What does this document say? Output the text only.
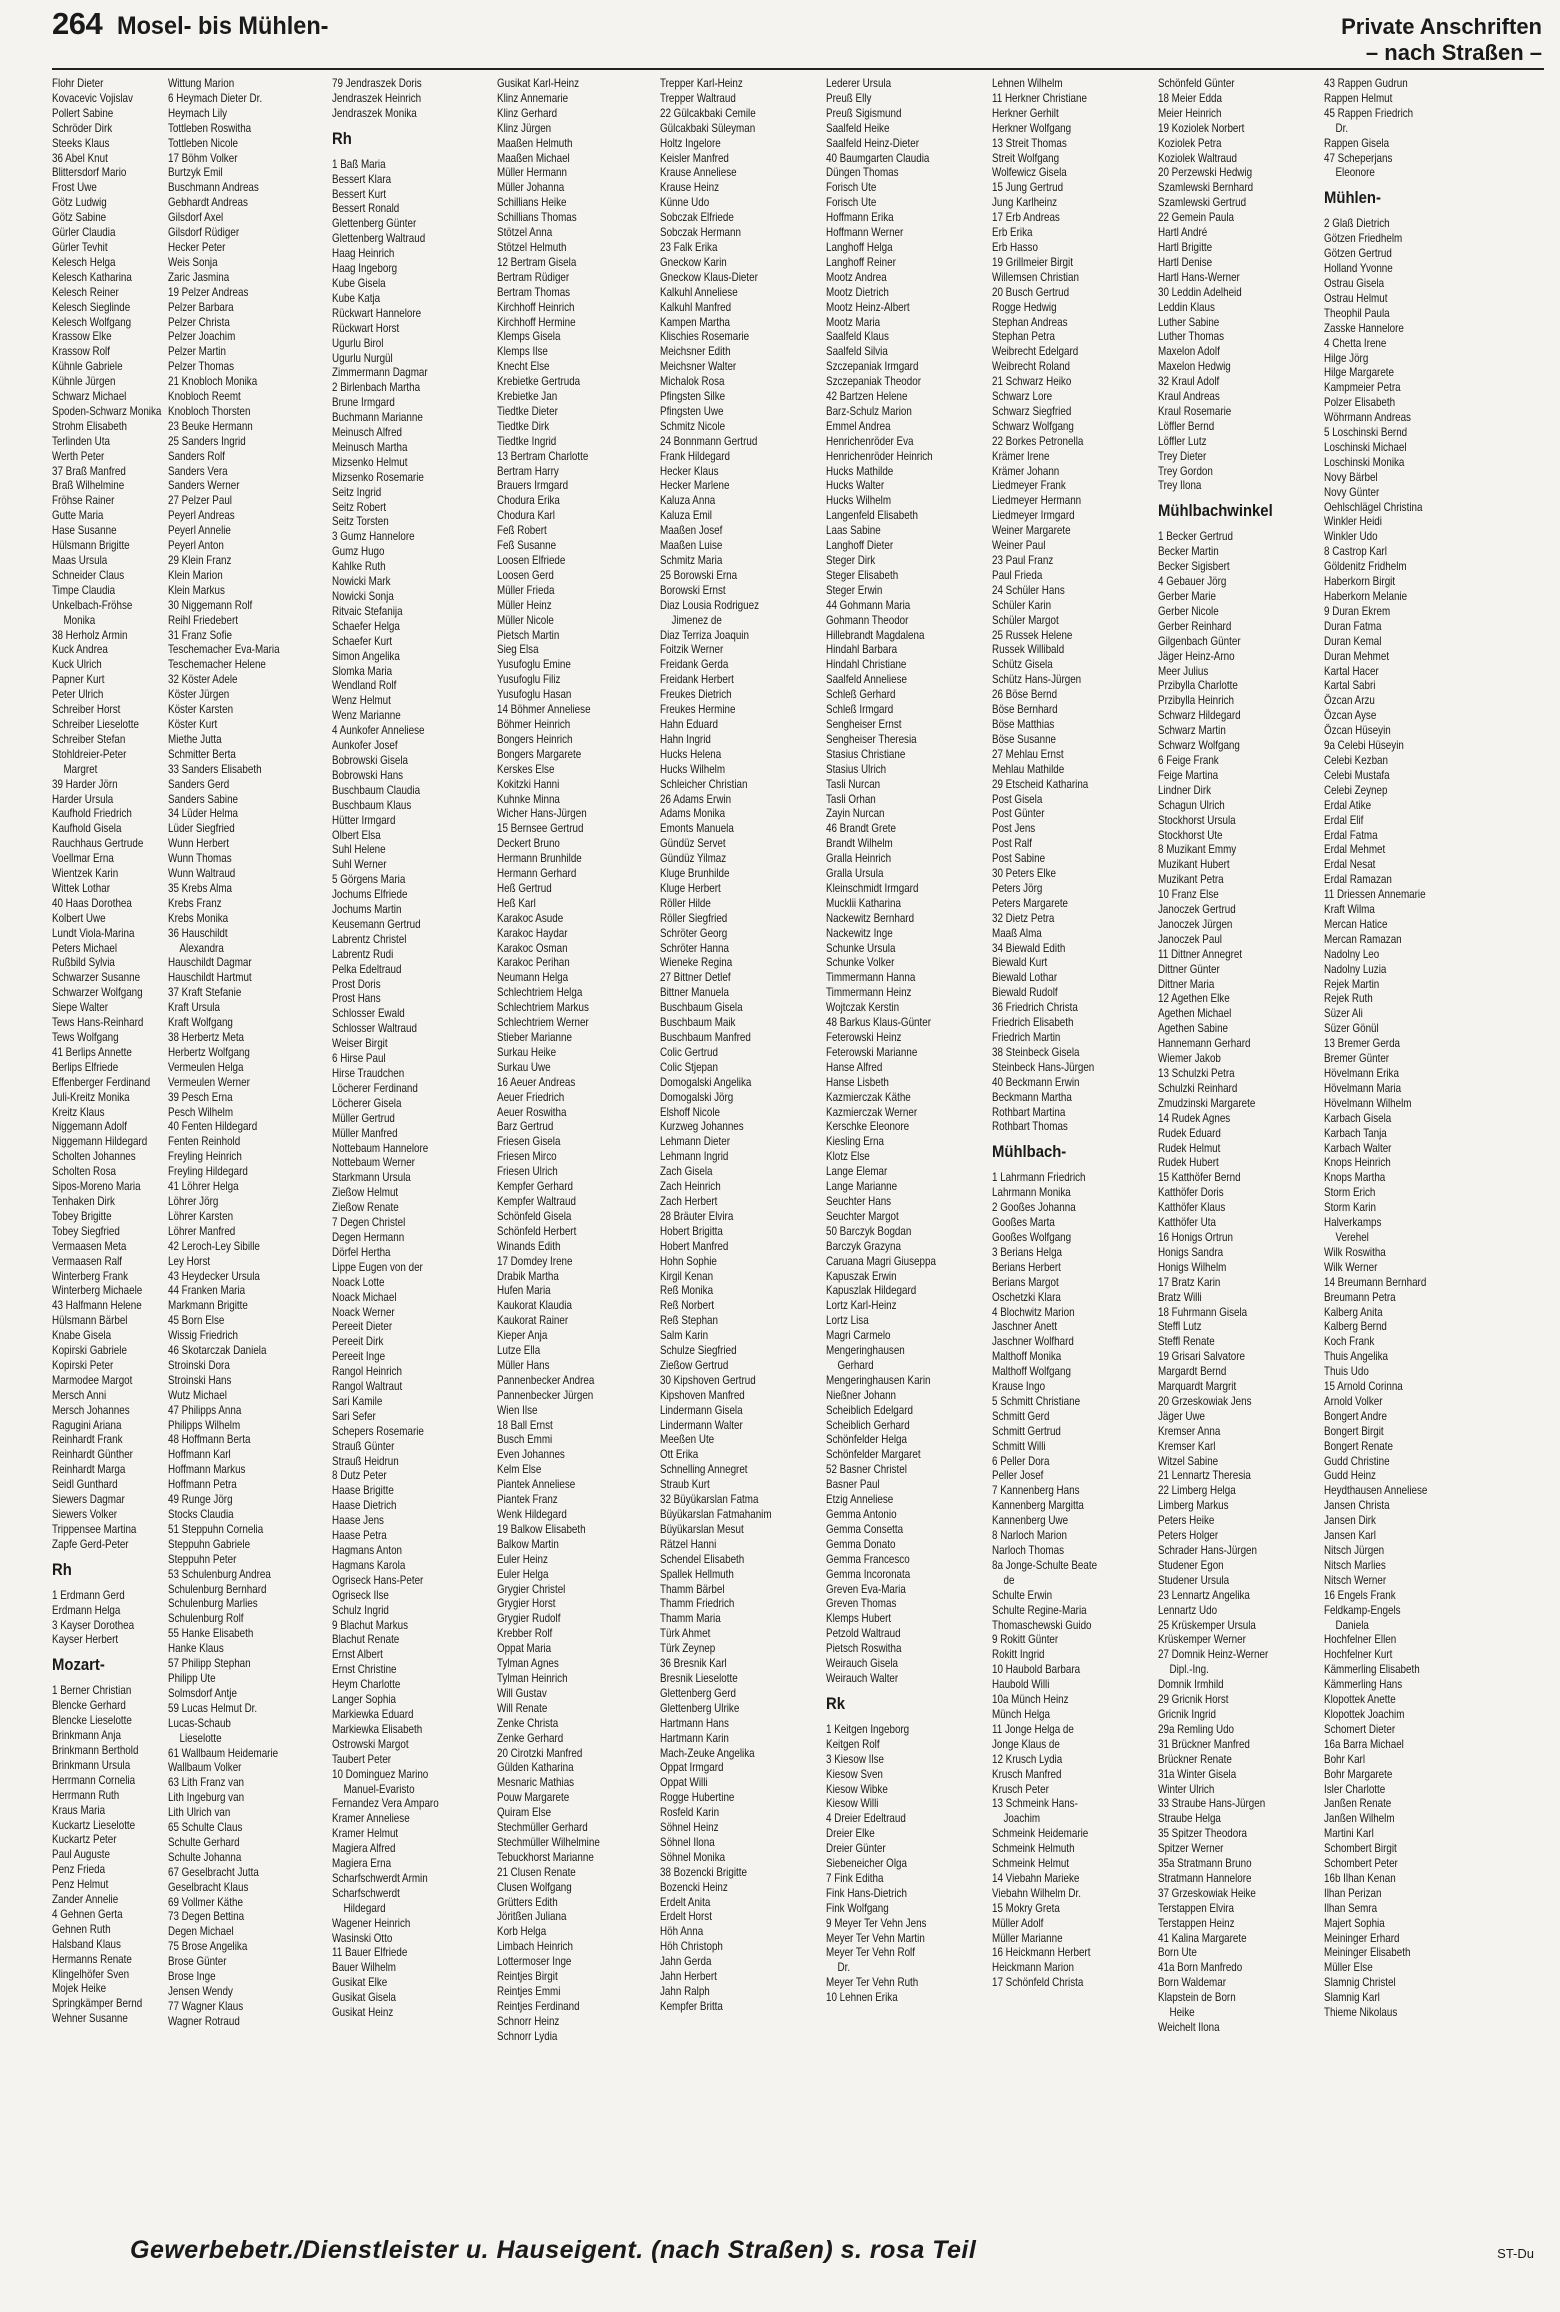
264 Mosel- bis Mühlen-	Private Anschriften
– nach Straßen –
Flohr Dieter
Kovacevic Vojislav
Pollert Sabine
Schröder Dirk
Steeks Klaus
36 Abel Knut
Blittersdorf Mario
Frost Uwe
Götz Ludwig
Götz Sabine
Gürler Claudia
Gürler Tevhit
Kelesch Helga
Kelesch Katharina
Kelesch Reiner
Kelesch Sieglinde
Kelesch Wolfgang
Krassow Elke
Krassow Rolf
Kühnle Gabriele
Kühnle Jürgen
Schwarz Michael
Spoden-Schwarz Monika
Strohm Elisabeth
Terlinden Uta
Werth Peter
37 Braß Manfred
Braß Wilhelmine
Fröhse Rainer
Gutte Maria
Hase Susanne
Hülsmann Brigitte
Maas Ursula
Schneider Claus
Timpe Claudia
Unkelbach-Fröhse
Monika
38 Herholz Armin
Kuck Andrea
Kuck Ulrich
Papner Kurt
Peter Ulrich
Schreiber Horst
Schreiber Lieselotte
Schreiber Stefan
Stohldreier-Peter
Margret
39 Harder Jörn
Harder Ursula
Kaufhold Friedrich
Kaufhold Gisela
Rauchhaus Gertrude
Voellmar Erna
Wientzek Karin
Wittek Lothar
40 Haas Dorothea
Kolbert Uwe
Lundt Viola-Marina
Peters Michael
Rußbild Sylvia
Schwarzer Susanne
Schwarzer Wolfgang
Siepe Walter
Tews Hans-Reinhard
Tews Wolfgang
41 Berlips Annette
Berlips Elfriede
Effenberger Ferdinand
Juli-Kreitz Monika
Kreitz Klaus
Niggemann Adolf
Niggemann Hildegard
Scholten Johannes
Scholten Rosa
Sipos-Moreno Maria
Tenhaken Dirk
Tobey Brigitte
Tobey Siegfried
Vermaasen Meta
Vermaasen Ralf
Winterberg Frank
Winterberg Michaele
43 Halfmann Helene
Hülsmann Bärbel
Knabe Gisela
Kopirski Gabriele
Kopirski Peter
Marmodee Margot
Mersch Anni
Mersch Johannes
Ragugini Ariana
Reinhardt Frank
Reinhardt Günther
Reinhardt Marga
Seidl Gunthard
Siewers Dagmar
Siewers Volker
Trippensee Martina
Zapfe Gerd-Peter
Rh
1 Erdmann Gerd
Erdmann Helga
3 Kayser Dorothea
Kayser Herbert
Mozart-
1 Berner Christian
Blencke Gerhard
Blencke Lieselotte
Brinkmann Anja
Brinkmann Berthold
Brinkmann Ursula
Herrmann Cornelia
Herrmann Ruth
Kraus Maria
Kuckartz Lieselotte
Kuckartz Peter
Paul Auguste
Penz Frieda
Penz Helmut
Zander Annelie
4 Gehnen Gerta
Gehnen Ruth
Halsband Klaus
Hermanns Renate
Klingelhöfer Sven
Mojek Heike
Springkämper Bernd
Wehner Susanne
Wittung Marion
6 Heymach Dieter Dr.
Heymach Lily
Tottleben Roswitha
Tottleben Nicole
17 Böhm Volker
Burtzyk Emil
Buschmann Andreas
Gebhardt Andreas
Gilsdorf Axel
Gilsdorf Rüdiger
Hecker Peter
Weis Sonja
Zaric Jasmina
19 Pelzer Andreas
Pelzer Barbara
Pelzer Christa
Pelzer Joachim
Pelzer Martin
Pelzer Thomas
21 Knobloch Monika
Knobloch Reemt
Knobloch Thorsten
23 Beuke Hermann
25 Sanders Ingrid
Sanders Rolf
Sanders Vera
Sanders Werner
27 Pelzer Paul
Peyerl Andreas
Peyerl Annelie
Peyerl Anton
29 Klein Franz
Klein Marion
Klein Markus
30 Niggemann Rolf
Reihl Friedebert
31 Franz Sofie
Teschemacher Eva-Maria
Teschemacher Helene
32 Köster Adele
Köster Jürgen
Köster Karsten
Köster Kurt
Miethe Jutta
Schmitter Berta
33 Sanders Elisabeth
Sanders Gerd
Sanders Sabine
34 Lüder Helma
Lüder Siegfried
Wunn Herbert
Wunn Thomas
Wunn Waltraud
35 Krebs Alma
Krebs Franz
Krebs Monika
36 Hauschildt
Alexandra
Hauschildt Dagmar
Hauschildt Hartmut
37 Kraft Stefanie
Kraft Ursula
Kraft Wolfgang
38 Herbertz Meta
Herbertz Wolfgang
Vermeulen Helga
Vermeulen Werner
39 Pesch Erna
Pesch Wilhelm
40 Fenten Hildegard
Fenten Reinhold
Freyling Heinrich
Freyling Hildegard
41 Löhrer Helga
Löhrer Jörg
Löhrer Karsten
Löhrer Manfred
42 Leroch-Ley Sibille
Ley Horst
43 Heydecker Ursula
44 Franken Maria
Markmann Brigitte
45 Born Else
Wissig Friedrich
46 Skotarczak Daniela
Stroinski Dora
Stroinski Hans
Wutz Michael
47 Philipps Anna
Philipps Wilhelm
48 Hoffmann Berta
Hoffmann Karl
Hoffmann Markus
Hoffmann Petra
49 Runge Jörg
Stocks Claudia
51 Steppuhn Cornelia
Steppuhn Gabriele
Steppuhn Peter
53 Schulenburg Andrea
Schulenburg Bernhard
Schulenburg Marlies
Schulenburg Rolf
55 Hanke Elisabeth
Hanke Klaus
57 Philipp Stephan
Philipp Ute
Solmsdorf Antje
59 Lucas Helmut Dr.
Lucas-Schaub
Lieselotte
61 Wallbaum Heidemarie
Wallbaum Volker
63 Lith Franz van
Lith Ingeburg van
Lith Ulrich van
65 Schulte Claus
Schulte Gerhard
Schulte Johanna
67 Geselbracht Jutta
Geselbracht Klaus
69 Vollmer Käthe
73 Degen Bettina
Degen Michael
75 Brose Angelika
Brose Günter
Brose Inge
Jensen Wendy
77 Wagner Klaus
Wagner Rotraud
79 Jendraszek Doris
Jendraszek Heinrich
Jendraszek Monika
Rh
1 Baß Maria
Bessert Klara
Bessert Kurt
Bessert Ronald
Glettenberg Günter
Glettenberg Waltraud
Haag Heinrich
Haag Ingeborg
Kube Gisela
Kube Katja
Rückwart Hannelore
Rückwart Horst
Ugurlu Birol
Ugurlu Nurgül
Zimmermann Dagmar
2 Birlenbach Martha
Brune Irmgard
Buchmann Marianne
Meinusch Alfred
Meinusch Martha
Mizsenko Helmut
Mizsenko Rosemarie
Seitz Ingrid
Seitz Robert
Seitz Torsten
3 Gumz Hannelore
Gumz Hugo
Kahlke Ruth
Nowicki Mark
Nowicki Sonja
Ritvaic Stefanija
Schaefer Helga
Schaefer Kurt
Simon Angelika
Slomka Maria
Wendland Rolf
Wenz Helmut
Wenz Marianne
4 Aunkofer Anneliese
Aunkofer Josef
Bobrowski Gisela
Bobrowski Hans
Buschbaum Claudia
Buschbaum Klaus
Hütter Irmgard
Olbert Elsa
Suhl Helene
Suhl Werner
5 Görgens Maria
Jochums Elfriede
Jochums Martin
Keusemann Gertrud
Labrentz Christel
Labrentz Rudi
Pelka Edeltraud
Prost Doris
Prost Hans
Schlosser Ewald
Schlosser Waltraud
Weiser Birgit
6 Hirse Paul
Hirse Traudchen
Löcherer Ferdinand
Löcherer Gisela
Müller Gertrud
Müller Manfred
Nottebaum Hannelore
Nottebaum Werner
Starkmann Ursula
Zießow Helmut
Zießow Renate
7 Degen Christel
Degen Hermann
Dörfel Hertha
Lippe Eugen von der
Noack Lotte
Noack Michael
Noack Werner
Pereeit Dieter
Pereeit Dirk
Pereeit Inge
Rangol Heinrich
Rangol Waltraut
Sari Kamile
Sari Sefer
Schepers Rosemarie
Strauß Günter
Strauß Heidrun
8 Dutz Peter
Haase Brigitte
Haase Dietrich
Haase Jens
Haase Petra
Hagmans Anton
Hagmans Karola
Ogriseck Hans-Peter
Ogriseck Ilse
Schulz Ingrid
9 Blachut Markus
Blachut Renate
Ernst Albert
Ernst Christine
Heym Charlotte
Langer Sophia
Markiewka Eduard
Markiewka Elisabeth
Ostrowski Margot
Taubert Peter
10 Dominguez Marino
Manuel-Evaristo
Fernandez Vera Amparo
Kramer Anneliese
Kramer Helmut
Magiera Alfred
Magiera Erna
Scharfschwerdt Armin
Scharfschwerdt
Hildegard
Wagener Heinrich
Wasinski Otto
11 Bauer Elfriede
Bauer Wilhelm
Gusikat Elke
Gusikat Gisela
Gusikat Heinz
Gusikat Karl-Heinz
Klinz Annemarie
Klinz Gerhard
Klinz Jürgen
Maaßen Helmuth
Maaßen Michael
Müller Hermann
Müller Johanna
Schillians Heike
Schillians Thomas
Stötzel Anna
Stötzel Helmuth
12 Bertram Gisela
Bertram Rüdiger
Bertram Thomas
Kirchhoff Heinrich
Kirchhoff Hermine
Klemps Gisela
Klemps Ilse
Knecht Else
Krebietke Gertruda
Krebietke Jan
Tiedtke Dieter
Tiedtke Dirk
Tiedtke Ingrid
13 Bertram Charlotte
Bertram Harry
Brauers Irmgard
Chodura Erika
Chodura Karl
Feß Robert
Feß Susanne
Loosen Elfriede
Loosen Gerd
Müller Frieda
Müller Heinz
Müller Nicole
Pietsch Martin
Sieg Elsa
Yusufoglu Emine
Yusufoglu Filiz
Yusufoglu Hasan
14 Böhmer Anneliese
Böhmer Heinrich
Bongers Heinrich
Bongers Margarete
Kerskes Else
Kokitzki Hanni
Kuhnke Minna
Wicher Hans-Jürgen
15 Bernsee Gertrud
Deckert Bruno
Hermann Brunhilde
Hermann Gerhard
Heß Gertrud
Heß Karl
Karakoc Asude
Karakoc Haydar
Karakoc Osman
Karakoc Perihan
Neumann Helga
Schlechtriem Helga
Schlechtriem Markus
Schlechtriem Werner
Stieber Marianne
Surkau Heike
Surkau Uwe
16 Aeuer Andreas
Aeuer Friedrich
Aeuer Roswitha
Barz Gertrud
Friesen Gisela
Friesen Mirco
Friesen Ulrich
Kempfer Gerhard
Kempfer Waltraud
Schönfeld Gisela
Schönfeld Herbert
Winands Edith
17 Domdey Irene
Drabik Martha
Hufen Maria
Kaukorat Klaudia
Kaukorat Rainer
Kieper Anja
Lutze Ella
Müller Hans
Pannenbecker Andrea
Pannenbecker Jürgen
Wien Ilse
18 Ball Ernst
Busch Emmi
Even Johannes
Kelm Else
Piantek Anneliese
Piantek Franz
Wenk Hildegard
19 Balkow Elisabeth
Balkow Martin
Euler Heinz
Euler Helga
Grygier Christel
Grygier Horst
Grygier Rudolf
Krebber Rolf
Oppat Maria
Tylman Agnes
Tylman Heinrich
Will Gustav
Will Renate
Zenke Christa
Zenke Gerhard
20 Cirotzki Manfred
Gülden Katharina
Mesnaric Mathias
Pouw Margarete
Quiram Else
Stechmüller Gerhard
Stechmüller Wilhelmine
Tebuckhorst Marianne
21 Clusen Renate
Clusen Wolfgang
Grütters Edith
Jöritßen Juliana
Korb Helga
Limbach Heinrich
Lottermoser Inge
Reintjes Birgit
Reintjes Emmi
Reintjes Ferdinand
Schnorr Heinz
Schnorr Lydia
Trepper Karl-Heinz
Trepper Waltraud
22 Gülcakbaki Cemile
Gülcakbaki Süleyman
Holtz Ingelore
Keisler Manfred
Krause Anneliese
Krause Heinz
Künne Udo
Sobczak Elfriede
Sobczak Hermann
23 Falk Erika
Gneckow Karin
Gneckow Klaus-Dieter
Kalkuhl Anneliese
Kalkuhl Manfred
Kampen Martha
Klischies Rosemarie
Meichsner Edith
Meichsner Walter
Michalok Rosa
Pfingsten Silke
Pfingsten Uwe
Schmitz Nicole
24 Bonnmann Gertrud
Frank Hildegard
Hecker Klaus
Hecker Marlene
Kaluza Anna
Kaluza Emil
Maaßen Josef
Maaßen Luise
Schmitz Maria
25 Borowski Erna
Borowski Ernst
Diaz Lousia Rodriguez
Jimenez de
Diaz Terriza Joaquin
Foitzik Werner
Freidank Gerda
Freidank Herbert
Freukes Dietrich
Freukes Hermine
Hahn Eduard
Hahn Ingrid
Hucks Helena
Hucks Wilhelm
Schleicher Christian
26 Adams Erwin
Adams Monika
Emonts Manuela
Gündüz Servet
Gündüz Yilmaz
Kluge Brunhilde
Kluge Herbert
Röller Hilde
Röller Siegfried
Schröter Georg
Schröter Hanna
Wieneke Regina
27 Bittner Detlef
Bittner Manuela
Buschbaum Gisela
Buschbaum Maik
Buschbaum Manfred
Colic Gertrud
Colic Stjepan
Domogalski Angelika
Domogalski Jörg
Elshoff Nicole
Kurzweg Johannes
Lehmann Dieter
Lehmann Ingrid
Zach Gisela
Zach Heinrich
Zach Herbert
28 Bräuter Elvira
Hobert Brigitta
Hobert Manfred
Hohn Sophie
Kirgil Kenan
Reß Monika
Reß Norbert
Reß Stephan
Salm Karin
Schulze Siegfried
Zießow Gertrud
30 Kipshoven Gertrud
Kipshoven Manfred
Lindermann Gisela
Lindermann Walter
Meeßen Ute
Ott Erika
Schnelling Annegret
Straub Kurt
32 Büyükarslan Fatma
Büyükarslan Fatmahanim
Büyükarslan Mesut
Rätzel Hanni
Schendel Elisabeth
Spallek Hellmuth
Thamm Bärbel
Thamm Friedrich
Thamm Maria
Türk Ahmet
Türk Zeynep
36 Bresnik Karl
Bresnik Lieselotte
Glettenberg Gerd
Glettenberg Ulrike
Hartmann Hans
Hartmann Karin
Mach-Zeuke Angelika
Oppat Irmgard
Oppat Willi
Rogge Hubertine
Rosfeld Karin
Söhnel Heinz
Söhnel Ilona
Söhnel Monika
38 Bozencki Brigitte
Bozencki Heinz
Erdelt Anita
Erdelt Horst
Höh Anna
Höh Christoph
Jahn Gerda
Jahn Herbert
Jahn Ralph
Kempfer Britta
Lederer Ursula
Preuß Elly
Preuß Sigismund
Saalfeld Heike
Saalfeld Heinz-Dieter
40 Baumgarten Claudia
Düngen Thomas
Forisch Ute
Forisch Ute
Hoffmann Erika
Hoffmann Werner
Langhoff Helga
Langhoff Reiner
Mootz Andrea
Mootz Dietrich
Mootz Heinz-Albert
Mootz Maria
Saalfeld Klaus
Saalfeld Silvia
Szczepaniak Irmgard
Szczepaniak Theodor
42 Bartzen Helene
Barz-Schulz Marion
Emmel Andrea
Henrichenröder Eva
Henrichenröder Heinrich
Hucks Mathilde
Hucks Walter
Hucks Wilhelm
Langenfeld Elisabeth
Laas Sabine
Langhoff Dieter
Steger Dirk
Steger Elisabeth
Steger Erwin
44 Gohmann Maria
Gohmann Theodor
Hillebrandt Magdalena
Hindahl Barbara
Hindahl Christiane
Saalfeld Anneliese
Schleß Gerhard
Schleß Irmgard
Sengheiser Ernst
Sengheiser Theresia
Stasius Christiane
Stasius Ulrich
Tasli Nurcan
Tasli Orhan
Zayin Nurcan
46 Brandt Grete
Brandt Wilhelm
Gralla Heinrich
Gralla Ursula
Kleinschmidt Irmgard
Mucklii Katharina
Nackewitz Bernhard
Nackewitz Inge
Schunke Ursula
Schunke Volker
Timmermann Hanna
Timmermann Heinz
Wojtczak Kerstin
48 Barkus Klaus-Günter
Feterowski Heinz
Feterowski Marianne
Hanse Alfred
Hanse Lisbeth
Kazmierczak Käthe
Kazmierczak Werner
Kerschke Eleonore
Kiesling Erna
Klotz Else
Lange Elemar
Lange Marianne
Seuchter Hans
Seuchter Margot
50 Barczyk Bogdan
Barczyk Grazyna
Caruana Magri Giuseppa
Kapuszak Erwin
Kapuszlak Hildegard
Lortz Karl-Heinz
Lortz Lisa
Magri Carmelo
Mengeringhausen
Gerhard
Mengeringhausen Karin
Nießner Johann
Scheiblich Edelgard
Scheiblich Gerhard
Schönfelder Helga
Schönfelder Margaret
52 Basner Christel
Basner Paul
Etzig Anneliese
Gemma Antonio
Gemma Consetta
Gemma Donato
Gemma Francesco
Gemma Incoronata
Greven Eva-Maria
Greven Thomas
Klemps Hubert
Petzold Waltraud
Pietsch Roswitha
Weirauch Gisela
Weirauch Walter
Rk
1 Keitgen Ingeborg
Keitgen Rolf
3 Kiesow Ilse
Kiesow Sven
Kiesow Wibke
Kiesow Willi
4 Dreier Edeltraud
Dreier Elke
Dreier Günter
Siebeneicher Olga
7 Fink Editha
Fink Hans-Dietrich
Fink Wolfgang
9 Meyer Ter Vehn Jens
Meyer Ter Vehn Martin
Meyer Ter Vehn Rolf
Dr.
Meyer Ter Vehn Ruth
10 Lehnen Erika
Lehnen Wilhelm
11 Herkner Christiane
Herkner Gerhilt
Herkner Wolfgang
13 Streit Thomas
Streit Wolfgang
Wolfewicz Gisela
15 Jung Gertrud
Jung Karlheinz
17 Erb Andreas
Erb Erika
Erb Hasso
19 Grillmeier Birgit
Willemsen Christian
20 Busch Gertrud
Rogge Hedwig
Stephan Andreas
Stephan Petra
Weibrecht Edelgard
Weibrecht Roland
21 Schwarz Heiko
Schwarz Lore
Schwarz Siegfried
Schwarz Wolfgang
22 Borkes Petronella
Krämer Irene
Krämer Johann
Liedmeyer Frank
Liedmeyer Hermann
Liedmeyer Irmgard
Weiner Margarete
Weiner Paul
23 Paul Franz
Paul Frieda
24 Schüler Hans
Schüler Karin
Schüler Margot
25 Russek Helene
Russek Willibald
Schütz Gisela
Schütz Hans-Jürgen
26 Böse Bernd
Böse Bernhard
Böse Matthias
Böse Susanne
27 Mehlau Ernst
Mehlau Mathilde
29 Etscheid Katharina
Post Gisela
Post Günter
Post Jens
Post Ralf
Post Sabine
30 Peters Elke
Peters Jörg
Peters Margarete
32 Dietz Petra
Maaß Alma
34 Biewald Edith
Biewald Kurt
Biewald Lothar
Biewald Rudolf
36 Friedrich Christa
Friedrich Elisabeth
Friedrich Martin
38 Steinbeck Gisela
Steinbeck Hans-Jürgen
40 Beckmann Erwin
Beckmann Martha
Rothbart Martina
Rothbart Thomas
Mühlbach-
1 Lahrmann Friedrich
Lahrmann Monika
2 Gooßes Johanna
Gooßes Marta
Gooßes Wolfgang
3 Berians Helga
Berians Herbert
Berians Margot
Oschetzki Klara
4 Blochwitz Marion
Jaschner Anett
Jaschner Wolfhard
Malthoff Monika
Malthoff Wolfgang
Krause Ingo
5 Schmitt Christiane
Schmitt Gerd
Schmitt Gertrud
Schmitt Willi
6 Peller Dora
Peller Josef
7 Kannenberg Hans
Kannenberg Margitta
Kannenberg Uwe
8 Narloch Marion
Narloch Thomas
8a Jonge-Schulte Beate
de
Schulte Erwin
Schulte Regine-Maria
Thomaschewski Guido
9 Rokitt Günter
Rokitt Ingrid
10 Haubold Barbara
Haubold Willi
10a Münch Heinz
Münch Helga
11 Jonge Helga de
Jonge Klaus de
12 Krusch Lydia
Krusch Manfred
Krusch Peter
13 Schmeink Hans-
Joachim
Schmeink Heidemarie
Schmeink Helmuth
Schmeink Helmut
14 Viebahn Marieke
Viebahn Wilhelm Dr.
15 Mokry Greta
Müller Adolf
Müller Marianne
16 Heickmann Herbert
Heickmann Marion
17 Schönfeld Christa
Schönfeld Günter
18 Meier Edda
Meier Heinrich
19 Koziolek Norbert
Koziolek Petra
Koziolek Waltraud
20 Perzewski Hedwig
Szamlewski Bernhard
Szamlewski Gertrud
22 Gemein Paula
Hartl André
Hartl Brigitte
Hartl Denise
Hartl Hans-Werner
30 Leddin Adelheid
Leddin Klaus
Luther Sabine
Luther Thomas
Maxelon Adolf
Maxelon Hedwig
32 Kraul Adolf
Kraul Andreas
Kraul Rosemarie
Löffler Bernd
Löffler Lutz
Trey Dieter
Trey Gordon
Trey Ilona
Mühlbachwinkel
1 Becker Gertrud
Becker Martin
Becker Sigisbert
4 Gebauer Jörg
Gerber Marie
Gerber Nicole
Gerber Reinhard
Gilgenbach Günter
Jäger Heinz-Arno
Meer Julius
Przibylla Charlotte
Przibylla Heinrich
Schwarz Hildegard
Schwarz Martin
Schwarz Wolfgang
6 Feige Frank
Feige Martina
Lindner Dirk
Schagun Ulrich
Stockhorst Ursula
Stockhorst Ute
8 Muzikant Emmy
Muzikant Hubert
Muzikant Petra
10 Franz Else
Janoczek Gertrud
Janoczek Jürgen
Janoczek Paul
11 Dittner Annegret
Dittner Günter
Dittner Maria
12 Agethen Elke
Agethen Michael
Agethen Sabine
Hannemann Gerhard
Wiemer Jakob
13 Schulzki Petra
Schulzki Reinhard
Zmudzinski Margarete
14 Rudek Agnes
Rudek Eduard
Rudek Helmut
Rudek Hubert
15 Katthöfer Bernd
Katthöfer Doris
Katthöfer Klaus
Katthöfer Uta
16 Honigs Ortrun
Honigs Sandra
Honigs Wilhelm
17 Bratz Karin
Bratz Willi
18 Fuhrmann Gisela
Steffl Lutz
Steffl Renate
19 Grisari Salvatore
Margardt Bernd
Marquardt Margrit
20 Grzeskowiak Jens
Jäger Uwe
Kremser Anna
Kremser Karl
Witzel Sabine
21 Lennartz Theresia
22 Limberg Helga
Limberg Markus
Peters Heike
Peters Holger
Schrader Hans-Jürgen
Studener Egon
Studener Ursula
23 Lennartz Angelika
Lennartz Udo
25 Krüskemper Ursula
Krüskemper Werner
27 Domnik Heinz-Werner
Dipl.-Ing.
Domnik Irmhild
29 Gricnik Horst
Gricnik Ingrid
29a Remling Udo
31 Brückner Manfred
Brückner Renate
31a Winter Gisela
Winter Ulrich
33 Straube Hans-Jürgen
Straube Helga
35 Spitzer Theodora
Spitzer Werner
35a Stratmann Bruno
Stratmann Hannelore
37 Grzeskowiak Heike
Terstappen Elvira
Terstappen Heinz
41 Kalina Margarete
Born Ute
41a Born Manfredo
Born Waldemar
Klapstein de Born
Heike
Weichelt Ilona
43 Rappen Gudrun
Rappen Helmut
45 Rappen Friedrich
Dr.
Rappen Gisela
47 Scheperjans
Eleonore
Mühlen-
2 Glaß Dietrich
Götzen Friedhelm
Götzen Gertrud
Holland Yvonne
Ostrau Gisela
Ostrau Helmut
Theophil Paula
Zasske Hannelore
4 Chetta Irene
Hilge Jörg
Hilge Margarete
Kampmeier Petra
Polzer Elisabeth
Wöhrmann Andreas
5 Loschinski Bernd
Loschinski Michael
Loschinski Monika
Novy Bärbel
Novy Günter
Oehlschlägel Christina
Winkler Heidi
Winkler Udo
8 Castrop Karl
Göldenitz Fridhelm
Haberkorn Birgit
Haberkorn Melanie
9 Duran Ekrem
Duran Fatma
Duran Kemal
Duran Mehmet
Kartal Hacer
Kartal Sabri
Özcan Arzu
Özcan Ayse
Özcan Hüseyin
9a Celebi Hüseyin
Celebi Kezban
Celebi Mustafa
Celebi Zeynep
Erdal Atike
Erdal Elif
Erdal Fatma
Erdal Mehmet
Erdal Nesat
Erdal Ramazan
11 Driessen Annemarie
Kraft Wilma
Mercan Hatice
Mercan Ramazan
Nadolny Leo
Nadolny Luzia
Rejek Martin
Rejek Ruth
Süzer Ali
Süzer Gönül
13 Bremer Gerda
Bremer Günter
Hövelmann Erika
Hövelmann Maria
Hövelmann Wilhelm
Karbach Gisela
Karbach Tanja
Karbach Walter
Knops Heinrich
Knops Martha
Storm Erich
Storm Karin
Halverkamps
Verehel
Wilk Roswitha
Wilk Werner
14 Breumann Bernhard
Breumann Petra
Kalberg Anita
Kalberg Bernd
Koch Frank
Thuis Angelika
Thuis Udo
15 Arnold Corinna
Arnold Volker
Bongert Andre
Bongert Birgit
Bongert Renate
Gudd Christine
Gudd Heinz
Heydthausen Anneliese
Jansen Christa
Jansen Dirk
Jansen Karl
Nitsch Jürgen
Nitsch Marlies
Nitsch Werner
16 Engels Frank
Feldkamp-Engels
Daniela
Hochfelner Ellen
Hochfelner Kurt
Kämmerling Elisabeth
Kämmerling Hans
Klopottek Anette
Klopottek Joachim
Schomert Dieter
16a Barra Michael
Bohr Karl
Bohr Margarete
Isler Charlotte
Janßen Renate
Janßen Wilhelm
Martini Karl
Schombert Birgit
Schombert Peter
16b Ilhan Kenan
Ilhan Perizan
Ilhan Semra
Majert Sophia
Meininger Erhard
Meininger Elisabeth
Müller Else
Slamnig Christel
Slamnig Karl
Thieme Nikolaus
Gewerbebetr./Dienstleister u. Hauseigent. (nach Straßen) s. rosa Teil	ST-Du
